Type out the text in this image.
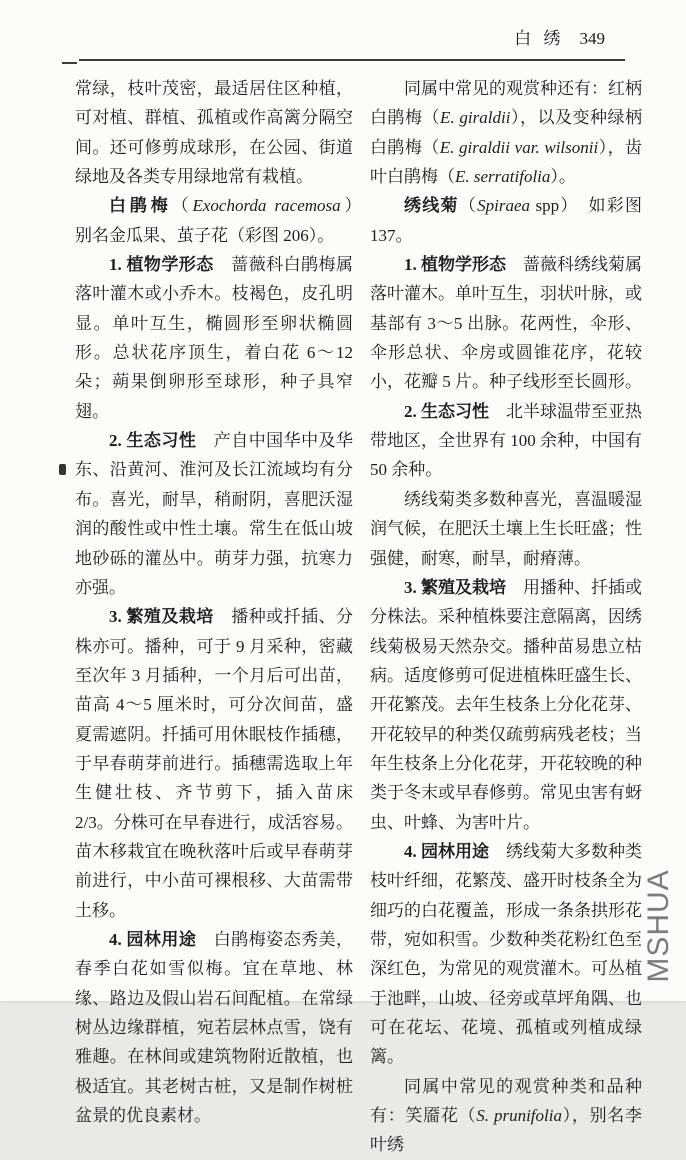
白 绣 349

常绿，枝叶茂密，最适居住区种植，可对植、群植、孤植或作高篱分隔空间。还可修剪成球形，在公园、街道绿地及各类专用绿地常有栽植。

白鹃梅（Exochorda racemosa）　别名金瓜果、茧子花（彩图 206）。

1. 植物学形态　蔷薇科白鹃梅属落叶灌木或小乔木。枝褐色，皮孔明显。单叶互生，椭圆形至卵状椭圆形。总状花序顶生，着白花 6～12 朵；蒴果倒卵形至球形，种子具窄翅。

2. 生态习性　产自中国华中及华东、沿黄河、淮河及长江流域均有分布。喜光，耐旱，稍耐阴，喜肥沃湿润的酸性或中性土壤。常生在低山坡地砂砾的灌丛中。萌芽力强，抗寒力亦强。

3. 繁殖及栽培　播种或扦插、分株亦可。播种，可于 9 月采种，密藏至次年 3 月插种，一个月后可出苗，苗高 4～5 厘米时，可分次间苗，盛夏需遮阴。扦插可用休眠枝作插穗，于早春萌芽前进行。插穗需选取上年生健壮枝、齐节剪下，插入苗床 2/3。分株可在早春进行，成活容易。苗木移栽宜在晚秋落叶后或早春萌芽前进行，中小苗可裸根移、大苗需带土移。

4. 园林用途　白鹃梅姿态秀美，春季白花如雪似梅。宜在草地、林缘、路边及假山岩石间配植。在常绿树丛边缘群植，宛若层林点雪，饶有雅趣。在林间或建筑物附近散植，也极适宜。其老树古桩，又是制作树桩盆景的优良素材。

同属中常见的观赏种还有：红柄白鹃梅（E. giraldii），以及变种绿柄白鹃梅（E. giraldii var. wilsonii），齿叶白鹃梅（E. serratifolia）。

绣线菊（Spiraea spp）　如彩图 137。

1. 植物学形态　蔷薇科绣线菊属落叶灌木。单叶互生，羽状叶脉，或基部有 3～5 出脉。花两性，伞形、伞形总状、伞房或圆锥花序，花较小，花瓣 5 片。种子线形至长圆形。

2. 生态习性　北半球温带至亚热带地区，全世界有 100 余种，中国有 50 余种。

绣线菊类多数种喜光，喜温暖湿润气候，在肥沃土壤上生长旺盛；性强健，耐寒，耐旱，耐瘠薄。

3. 繁殖及栽培　用播种、扦插或分株法。采种植株要注意隔离，因绣线菊极易天然杂交。播种苗易患立枯病。适度修剪可促进植株旺盛生长、开花繁茂。去年生枝条上分化花芽、开花较早的种类仅疏剪病残老枝；当年生枝条上分化花芽，开花较晚的种类于冬末或早春修剪。常见虫害有蚜虫、叶蜂、为害叶片。

4. 园林用途　绣线菊大多数种类枝叶纤细，花繁茂、盛开时枝条全为细巧的白花覆盖，形成一条条拱形花带，宛如积雪。少数种类花粉红色至深红色，为常见的观赏灌木。可丛植于池畔，山坡、径旁或草坪角隅、也可在花坛、花境、孤植或列植成绿篱。

同属中常见的观赏种类和品种有：笑靥花（S. prunifolia），别名李叶绣

MSHUA
